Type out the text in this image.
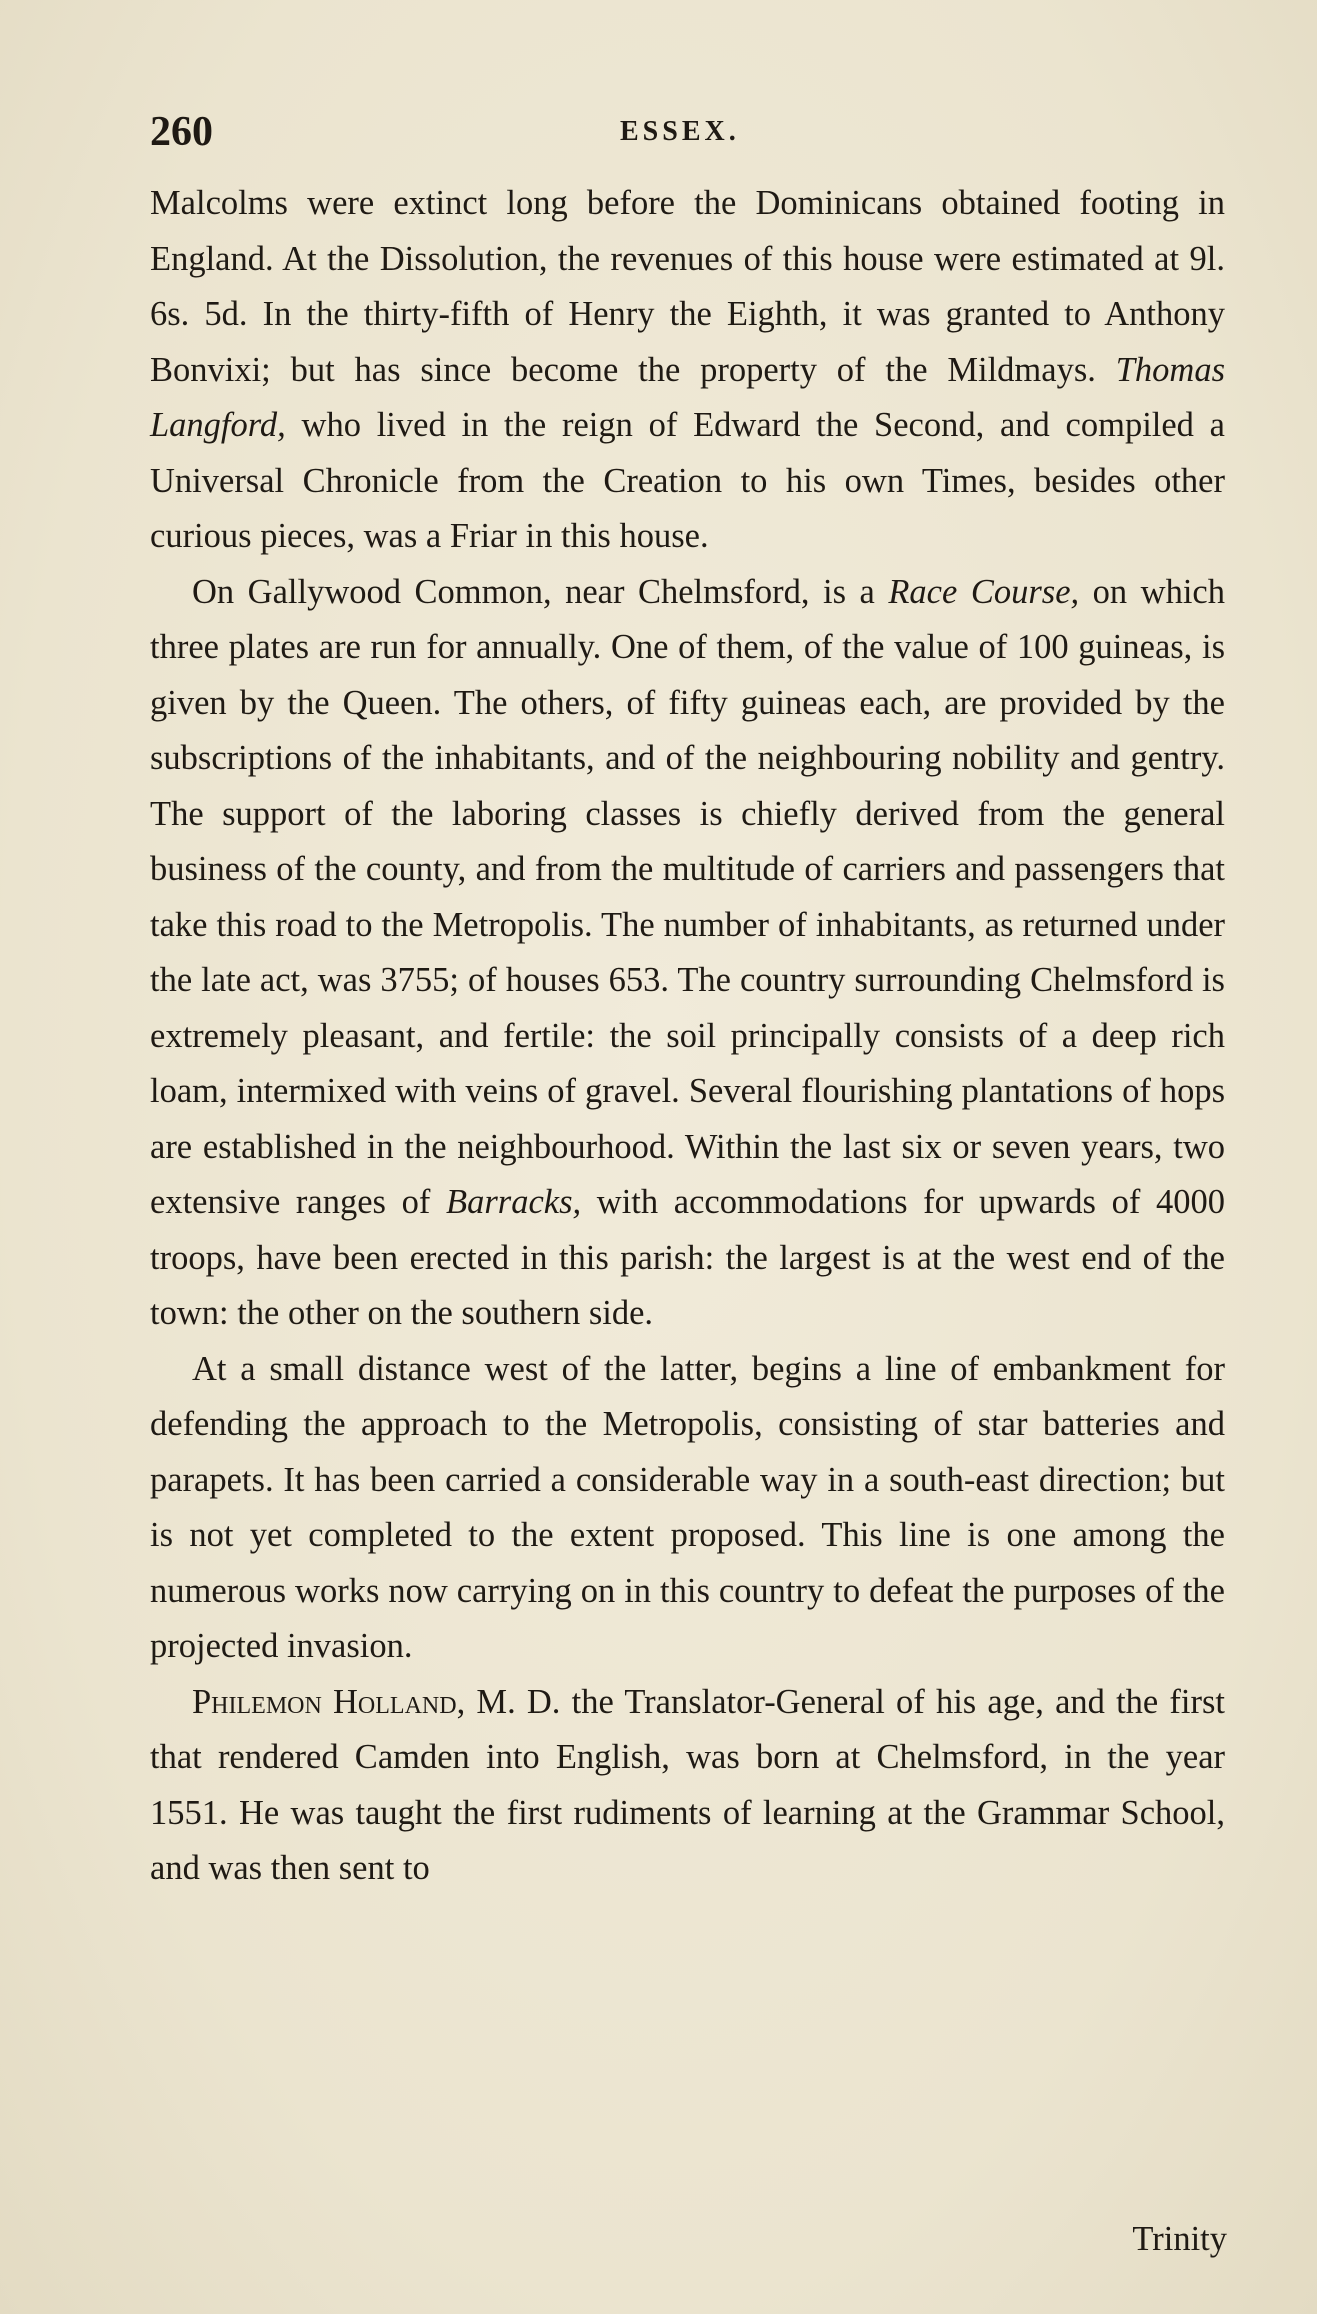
260	ESSEX.

Malcolms were extinct long before the Dominicans obtained footing in England. At the Dissolution, the revenues of this house were estimated at 9l. 6s. 5d. In the thirty-fifth of Henry the Eighth, it was granted to Anthony Bonvixi; but has since become the property of the Mildmays. Thomas Langford, who lived in the reign of Edward the Second, and compiled a Universal Chronicle from the Creation to his own Times, besides other curious pieces, was a Friar in this house.

On Gallywood Common, near Chelmsford, is a Race Course, on which three plates are run for annually. One of them, of the value of 100 guineas, is given by the Queen. The others, of fifty guineas each, are provided by the subscriptions of the inhabitants, and of the neighbouring nobility and gentry. The support of the laboring classes is chiefly derived from the general business of the county, and from the multitude of carriers and passengers that take this road to the Metropolis. The number of inhabitants, as returned under the late act, was 3755; of houses 653. The country surrounding Chelmsford is extremely pleasant, and fertile: the soil principally consists of a deep rich loam, intermixed with veins of gravel. Several flourishing plantations of hops are established in the neighbourhood. Within the last six or seven years, two extensive ranges of Barracks, with accommodations for upwards of 4000 troops, have been erected in this parish: the largest is at the west end of the town: the other on the southern side.

At a small distance west of the latter, begins a line of embankment for defending the approach to the Metropolis, consisting of star batteries and parapets. It has been carried a considerable way in a south-east direction; but is not yet completed to the extent proposed. This line is one among the numerous works now carrying on in this country to defeat the purposes of the projected invasion.

Philemon Holland, M. D. the Translator-General of his age, and the first that rendered Camden into English, was born at Chelmsford, in the year 1551. He was taught the first rudiments of learning at the Grammar School, and was then sent to

Trinity
